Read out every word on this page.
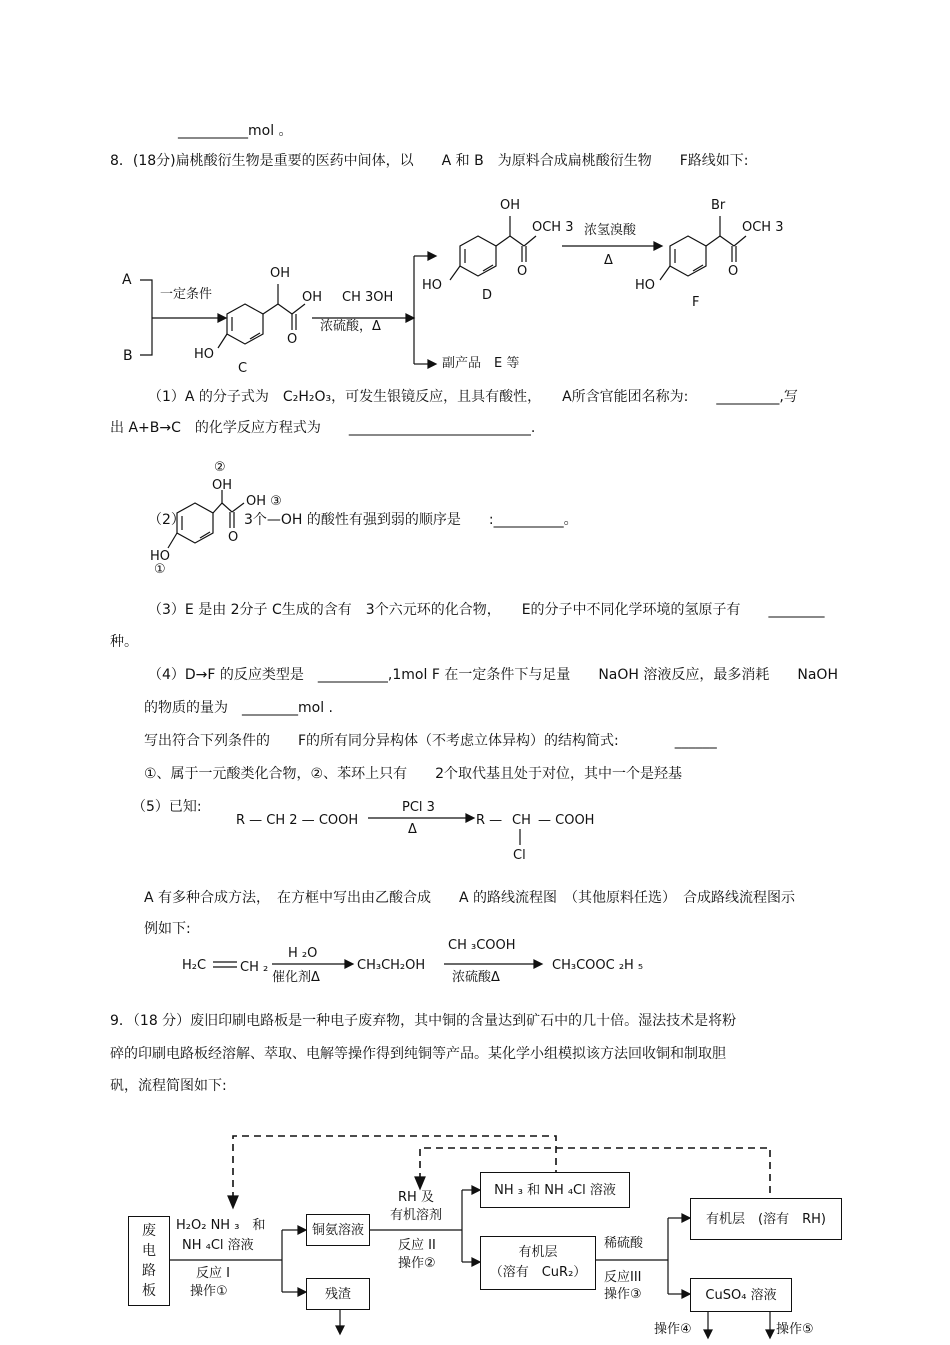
__________mol 。
8．(18分)扁桃酸衍生物是重要的医药中间体，以　　A 和 B　为原料合成扁桃酸衍生物　　F路线如下:
A
B
一定条件
OH
OH
O
HO
C
CH 3OH
浓硫酸，Δ
OH
OCH 3
O
HO
D
浓氢溴酸
Δ
Br
OCH 3
O
HO
F
副产品　E 等
（1）A 的分子式为　C₂H₂O₃，可发生银镜反应，且具有酸性，　　A所含官能团名称为:　　_________,写
出 A+B→C　的化学反应方程式为　　__________________________.
②
OH
OH ③
O
HO
①
（2）	3个—OH 的酸性有强到弱的顺序是　　:__________。
（3）E 是由 2分子 C生成的含有　3个六元环的化合物，　　E的分子中不同化学环境的氢原子有　　________
种。
（4）D→F 的反应类型是　__________,1mol F 在一定条件下与足量　　NaOH 溶液反应，最多消耗　　NaOH
的物质的量为　________mol .
写出符合下列条件的　　F的所有同分异构体（不考虑立体异构）的结构简式:　　　　______
①、属于一元酸类化合物，②、苯环上只有　　2个取代基且处于对位，其中一个是羟基
（5）已知:
R — CH 2 — COOH
PCl 3
Δ
R — CH — COOH
Cl
A 有多种合成方法，　在方框中写出由乙酸合成　　A 的路线流程图　（其他原料任选）　合成路线流程图示
例如下:
H₂C	CH ₂
H ₂O
催化剂Δ
CH₃CH₂OH
CH ₃COOH
浓硫酸Δ
CH₃COOC ₂H ₅
9．（18 分）废旧印刷电路板是一种电子废弃物，其中铜的含量达到矿石中的几十倍。湿法技术是将粉
碎的印刷电路板经溶解、萃取、电解等操作得到纯铜等产品。某化学小组模拟该方法回收铜和制取胆
矾，流程简图如下:
废
电
路
板
H₂O₂ NH ₃　和
NH ₄Cl 溶液
反应 I
操作①
铜氨溶液
残渣
RH 及
有机溶剂
反应 II
操作②
NH ₃ 和 NH ₄Cl 溶液
有机层
（溶有　CuR₂）
稀硫酸
反应III
操作③
有机层　(溶有　RH)
CuSO₄ 溶液
操作④	操作⑤
